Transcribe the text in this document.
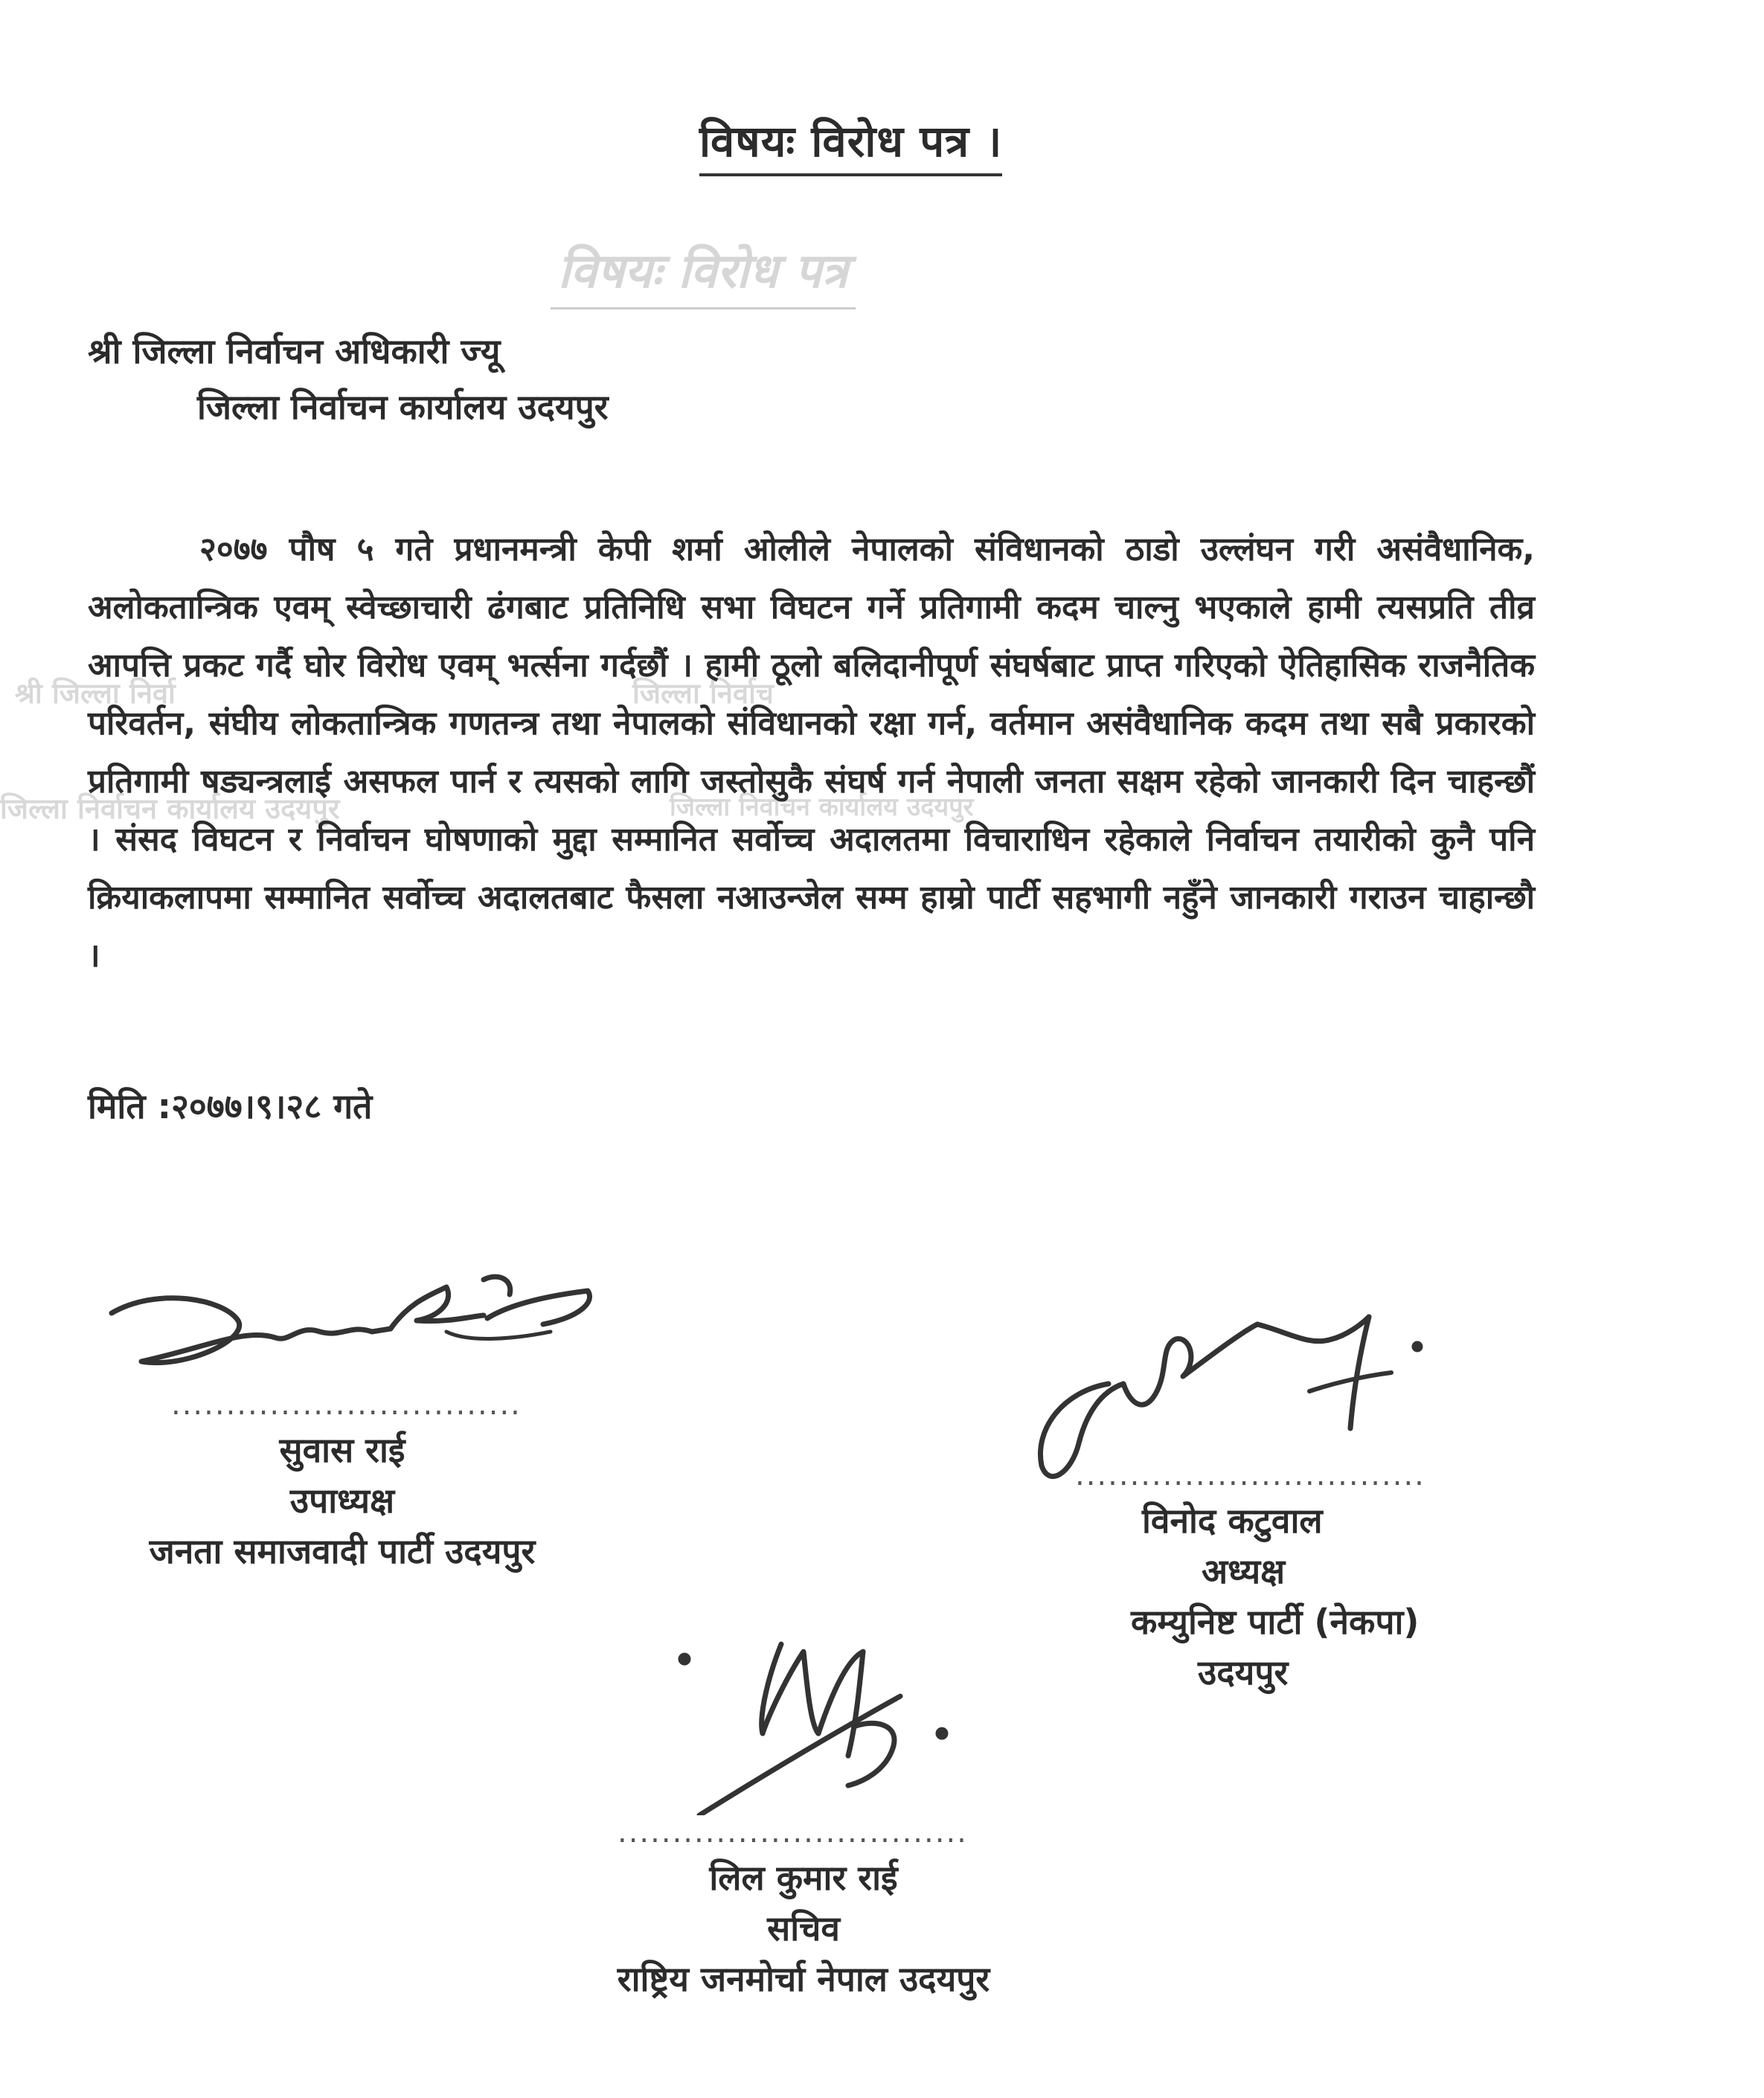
विषयः विरोध पत्र ।
विषयः विरोध पत्र
श्री जिल्ला निर्वा	जिल्ला निर्वाच
जिल्ला निर्वाचन कार्यालय उदयपुर	जिल्ला निर्वाचन कार्यालय उदयपुर
श्री जिल्ला निर्वाचन अधिकारी ज्यू
जिल्ला निर्वाचन कार्यालय उदयपुर

२०७७ पौष ५ गते प्रधानमन्त्री केपी शर्मा ओलीले नेपालको संविधानको ठाडो उल्लंघन गरी असंवैधानिक, अलोकतान्त्रिक एवम् स्वेच्छाचारी ढंगबाट प्रतिनिधि सभा विघटन गर्ने प्रतिगामी कदम चाल्नु भएकाले हामी त्यसप्रति तीव्र आपत्ति प्रकट गर्दै घोर विरोध एवम् भर्त्सना गर्दछौं । हामी ठूलो बलिदानीपूर्ण संघर्षबाट प्राप्त गरिएको ऐतिहासिक राजनैतिक परिवर्तन, संघीय लोकतान्त्रिक गणतन्त्र तथा नेपालको संविधानको रक्षा गर्न, वर्तमान असंवैधानिक कदम तथा सबै प्रकारको प्रतिगामी षड्यन्त्रलाई असफल पार्न र त्यसको लागि जस्तोसुकै संघर्ष गर्न नेपाली जनता सक्षम रहेको जानकारी दिन चाहन्छौं । संसद विघटन र निर्वाचन घोषणाको मुद्दा सम्मानित सर्वोच्च अदालतमा विचाराधिन रहेकाले निर्वाचन तयारीको कुनै पनि क्रियाकलापमा सम्मानित सर्वोच्च अदालतबाट फैसला नआउन्जेल सम्म हाम्रो पार्टी सहभागी नहुँने जानकारी गराउन चाहान्छौ ।

मिति :२०७७।९।२८ गते
................................
सुवास राई
उपाध्यक्ष
जनता समाजवादी पार्टी उदयपुर
................................
विनोद कटुवाल
अध्यक्ष
कम्युनिष्ट पार्टी (नेकपा)
उदयपुर
................................
लिल कुमार राई
सचिव
राष्ट्रिय जनमोर्चा नेपाल उदयपुर
